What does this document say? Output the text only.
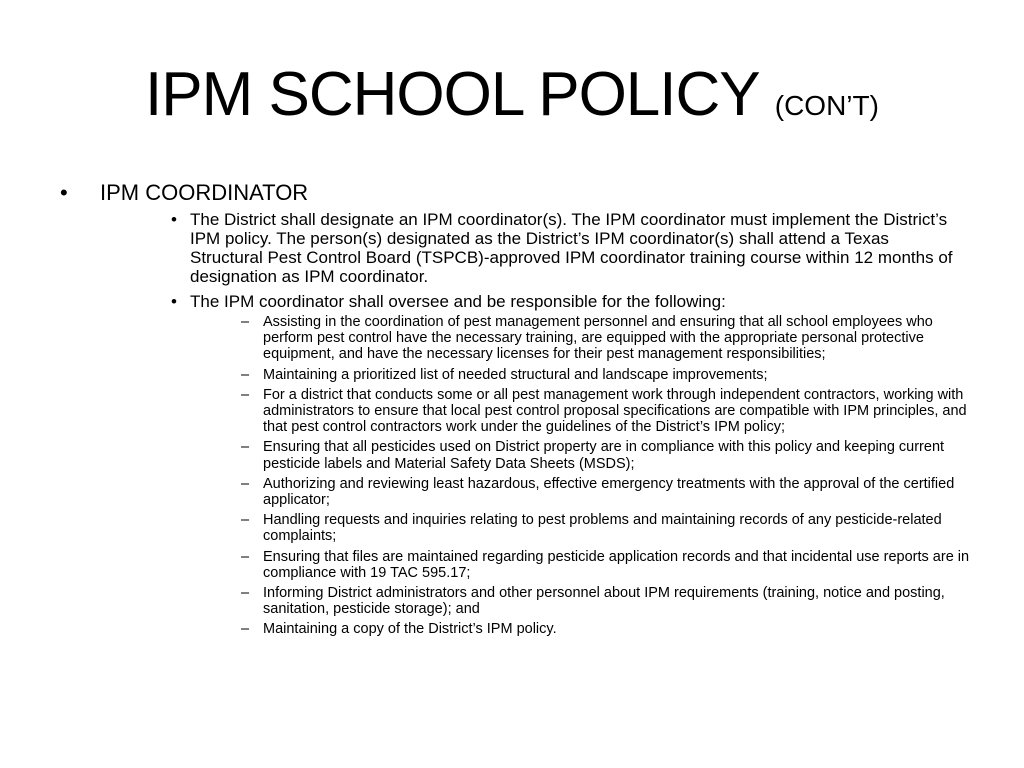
IPM SCHOOL POLICY (CON’T)
• IPM COORDINATOR
• The District shall designate an IPM coordinator(s). The IPM coordinator must implement the District’s IPM policy. The person(s) designated as the District’s IPM coordinator(s) shall attend a Texas Structural Pest Control Board (TSPCB)-approved IPM coordinator training course within 12 months of designation as IPM coordinator.
• The IPM coordinator shall oversee and be responsible for the following:
– Assisting in the coordination of pest management personnel and ensuring that all school employees who perform pest control have the necessary training, are equipped with the appropriate personal protective equipment, and have the necessary licenses for their pest management responsibilities;
– Maintaining a prioritized list of needed structural and landscape improvements;
– For a district that conducts some or all pest management work through independent contractors, working with administrators to ensure that local pest control proposal specifications are compatible with IPM principles, and that pest control contractors work under the guidelines of the District’s IPM policy;
– Ensuring that all pesticides used on District property are in compliance with this policy and keeping current pesticide labels and Material Safety Data Sheets (MSDS);
– Authorizing and reviewing least hazardous, effective emergency treatments with the approval of the certified applicator;
– Handling requests and inquiries relating to pest problems and maintaining records of any pesticide-related complaints;
– Ensuring that files are maintained regarding pesticide application records and that incidental use reports are in compliance with 19 TAC 595.17;
– Informing District administrators and other personnel about IPM requirements (training, notice and posting, sanitation, pesticide storage); and
– Maintaining a copy of the District’s IPM policy.
